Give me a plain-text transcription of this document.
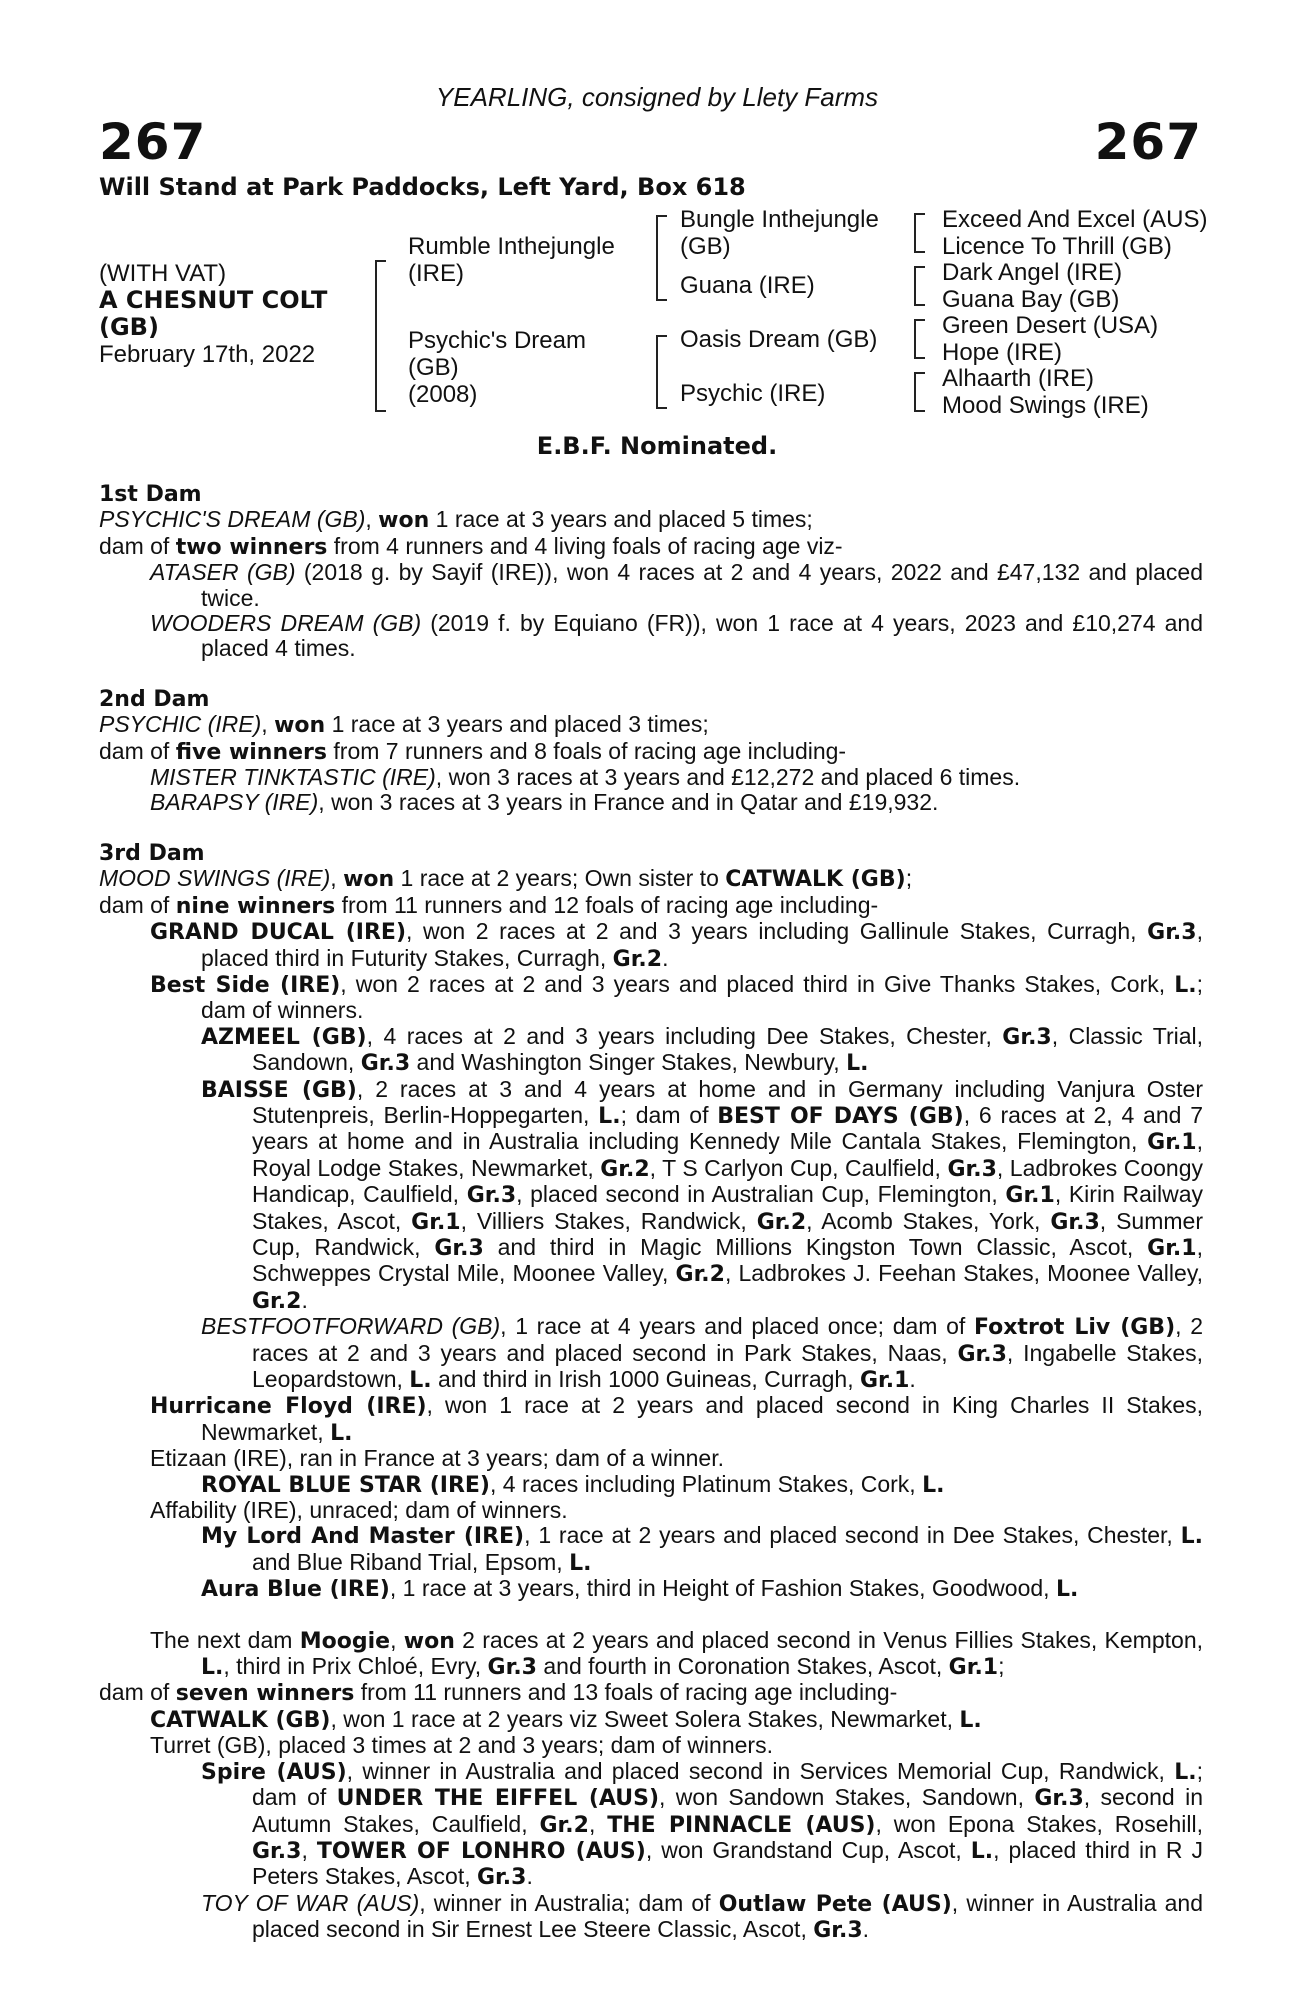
YEARLING, consigned by Llety Farms
267	267
Will Stand at Park Paddocks, Left Yard, Box 618
(WITH VAT)
A CHESNUT COLT
(GB)
February 17th, 2022
Rumble Inthejungle
(IRE)
Psychic's Dream
(GB)
(2008)
Bungle Inthejungle
(GB)
Guana (IRE)
Oasis Dream (GB)
Psychic (IRE)
Exceed And Excel (AUS)
Licence To Thrill (GB)
Dark Angel (IRE)
Guana Bay (GB)
Green Desert (USA)
Hope (IRE)
Alhaarth (IRE)
Mood Swings (IRE)
E.B.F. Nominated.

1st Dam

PSYCHIC'S DREAM (GB), won 1 race at 3 years and placed 5 times;

dam of two winners from 4 runners and 4 living foals of racing age viz-

ATASER (GB) (2018 g. by Sayif (IRE)), won 4 races at 2 and 4 years, 2022 and £47,132 and placed twice.

WOODERS DREAM (GB) (2019 f. by Equiano (FR)), won 1 race at 4 years, 2023 and £10,274 and placed 4 times.

2nd Dam

PSYCHIC (IRE), won 1 race at 3 years and placed 3 times;

dam of five winners from 7 runners and 8 foals of racing age including-

MISTER TINKTASTIC (IRE), won 3 races at 3 years and £12,272 and placed 6 times.

BARAPSY (IRE), won 3 races at 3 years in France and in Qatar and £19,932.

3rd Dam

MOOD SWINGS (IRE), won 1 race at 2 years; Own sister to CATWALK (GB);

dam of nine winners from 11 runners and 12 foals of racing age including-

GRAND DUCAL (IRE), won 2 races at 2 and 3 years including Gallinule Stakes, Curragh, Gr.3, placed third in Futurity Stakes, Curragh, Gr.2.

Best Side (IRE), won 2 races at 2 and 3 years and placed third in Give Thanks Stakes, Cork, L.; dam of winners.

AZMEEL (GB), 4 races at 2 and 3 years including Dee Stakes, Chester, Gr.3, Classic Trial, Sandown, Gr.3 and Washington Singer Stakes, Newbury, L.

BAISSE (GB), 2 races at 3 and 4 years at home and in Germany including Vanjura Oster Stutenpreis, Berlin-Hoppegarten, L.; dam of BEST OF DAYS (GB), 6 races at 2, 4 and 7 years at home and in Australia including Kennedy Mile Cantala Stakes, Flemington, Gr.1, Royal Lodge Stakes, Newmarket, Gr.2, T S Carlyon Cup, Caulfield, Gr.3, Ladbrokes Coongy Handicap, Caulfield, Gr.3, placed second in Australian Cup, Flemington, Gr.1, Kirin Railway Stakes, Ascot, Gr.1, Villiers Stakes, Randwick, Gr.2, Acomb Stakes, York, Gr.3, Summer Cup, Randwick, Gr.3 and third in Magic Millions Kingston Town Classic, Ascot, Gr.1, Schweppes Crystal Mile, Moonee Valley, Gr.2, Ladbrokes J. Feehan Stakes, Moonee Valley, Gr.2.

BESTFOOTFORWARD (GB), 1 race at 4 years and placed once; dam of Foxtrot Liv (GB), 2 races at 2 and 3 years and placed second in Park Stakes, Naas, Gr.3, Ingabelle Stakes, Leopardstown, L. and third in Irish 1000 Guineas, Curragh, Gr.1.

Hurricane Floyd (IRE), won 1 race at 2 years and placed second in King Charles II Stakes, Newmarket, L.

Etizaan (IRE), ran in France at 3 years; dam of a winner.

ROYAL BLUE STAR (IRE), 4 races including Platinum Stakes, Cork, L.

Affability (IRE), unraced; dam of winners.

My Lord And Master (IRE), 1 race at 2 years and placed second in Dee Stakes, Chester, L. and Blue Riband Trial, Epsom, L.

Aura Blue (IRE), 1 race at 3 years, third in Height of Fashion Stakes, Goodwood, L.

The next dam Moogie, won 2 races at 2 years and placed second in Venus Fillies Stakes, Kempton, L., third in Prix Chloé, Evry, Gr.3 and fourth in Coronation Stakes, Ascot, Gr.1;

dam of seven winners from 11 runners and 13 foals of racing age including-

CATWALK (GB), won 1 race at 2 years viz Sweet Solera Stakes, Newmarket, L.

Turret (GB), placed 3 times at 2 and 3 years; dam of winners.

Spire (AUS), winner in Australia and placed second in Services Memorial Cup, Randwick, L.; dam of UNDER THE EIFFEL (AUS), won Sandown Stakes, Sandown, Gr.3, second in Autumn Stakes, Caulfield, Gr.2, THE PINNACLE (AUS), won Epona Stakes, Rosehill, Gr.3, TOWER OF LONHRO (AUS), won Grandstand Cup, Ascot, L., placed third in R J Peters Stakes, Ascot, Gr.3.

TOY OF WAR (AUS), winner in Australia; dam of Outlaw Pete (AUS), winner in Australia and placed second in Sir Ernest Lee Steere Classic, Ascot, Gr.3.
